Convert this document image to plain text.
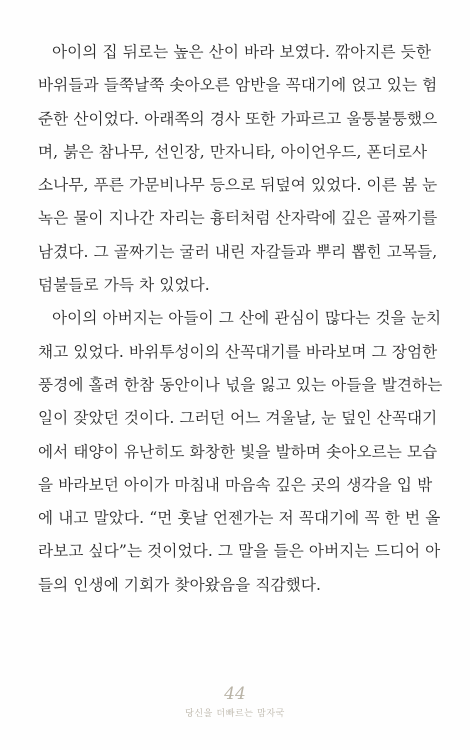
아이의 집 뒤로는 높은 산이 바라 보였다. 깎아지른 듯한
바위들과 들쭉날쭉 솟아오른 암반을 꼭대기에 얹고 있는 험
준한 산이었다. 아래쪽의 경사 또한 가파르고 울퉁불퉁했으
며, 붉은 참나무, 선인장, 만자니타, 아이언우드, 폰더로사
소나무, 푸른 가문비나무 등으로 뒤덮여 있었다. 이른 봄 눈
녹은 물이 지나간 자리는 흉터처럼 산자락에 깊은 골짜기를
남겼다. 그 골짜기는 굴러 내린 자갈들과 뿌리 뽑힌 고목들,
덤불들로 가득 차 있었다.
아이의 아버지는 아들이 그 산에 관심이 많다는 것을 눈치
채고 있었다. 바위투성이의 산꼭대기를 바라보며 그 장엄한
풍경에 홀려 한참 동안이나 넋을 잃고 있는 아들을 발견하는
일이 잦았던 것이다. 그러던 어느 겨울날, 눈 덮인 산꼭대기
에서 태양이 유난히도 화창한 빛을 발하며 솟아오르는 모습
을 바라보던 아이가 마침내 마음속 깊은 곳의 생각을 입 밖
에 내고 말았다. “먼 훗날 언젠가는 저 꼭대기에 꼭 한 번 올
라보고 싶다”는 것이었다. 그 말을 들은 아버지는 드디어 아
들의 인생에 기회가 찾아왔음을 직감했다.
44
당신을 더빠르는 맘자국
